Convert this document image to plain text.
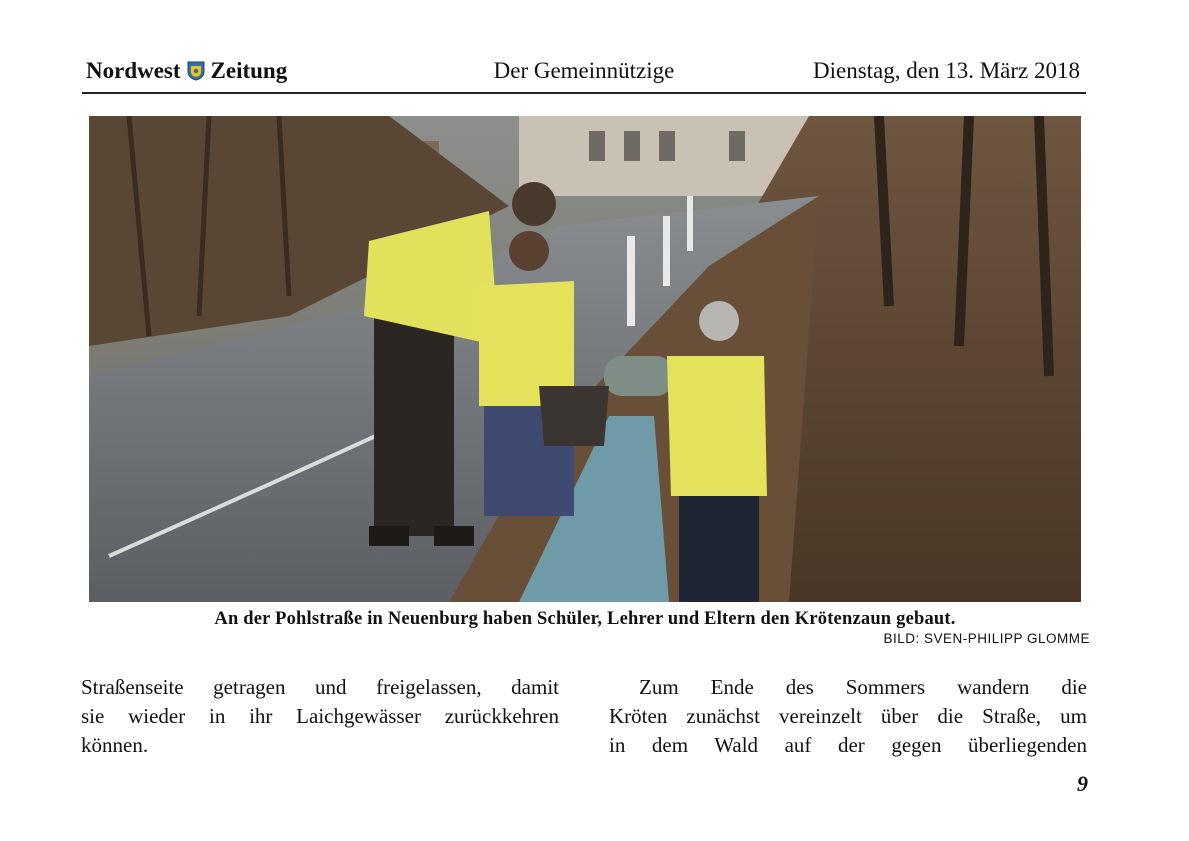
Nordwest Zeitung	Der Gemeinnützige	Dienstag, den 13. März 2018
An der Pohlstraße in Neuenburg haben Schüler, Lehrer und Eltern den Krötenzaun gebaut.
BILD: SVEN-PHILIPP GLOMME
Straßenseite getragen und freigelassen, damit
sie wieder in ihr Laichgewässer zurückkehren
können.
Zum Ende des Sommers wandern die
Kröten zunächst vereinzelt über die Straße, um
in dem Wald auf der gegen überliegenden
9
